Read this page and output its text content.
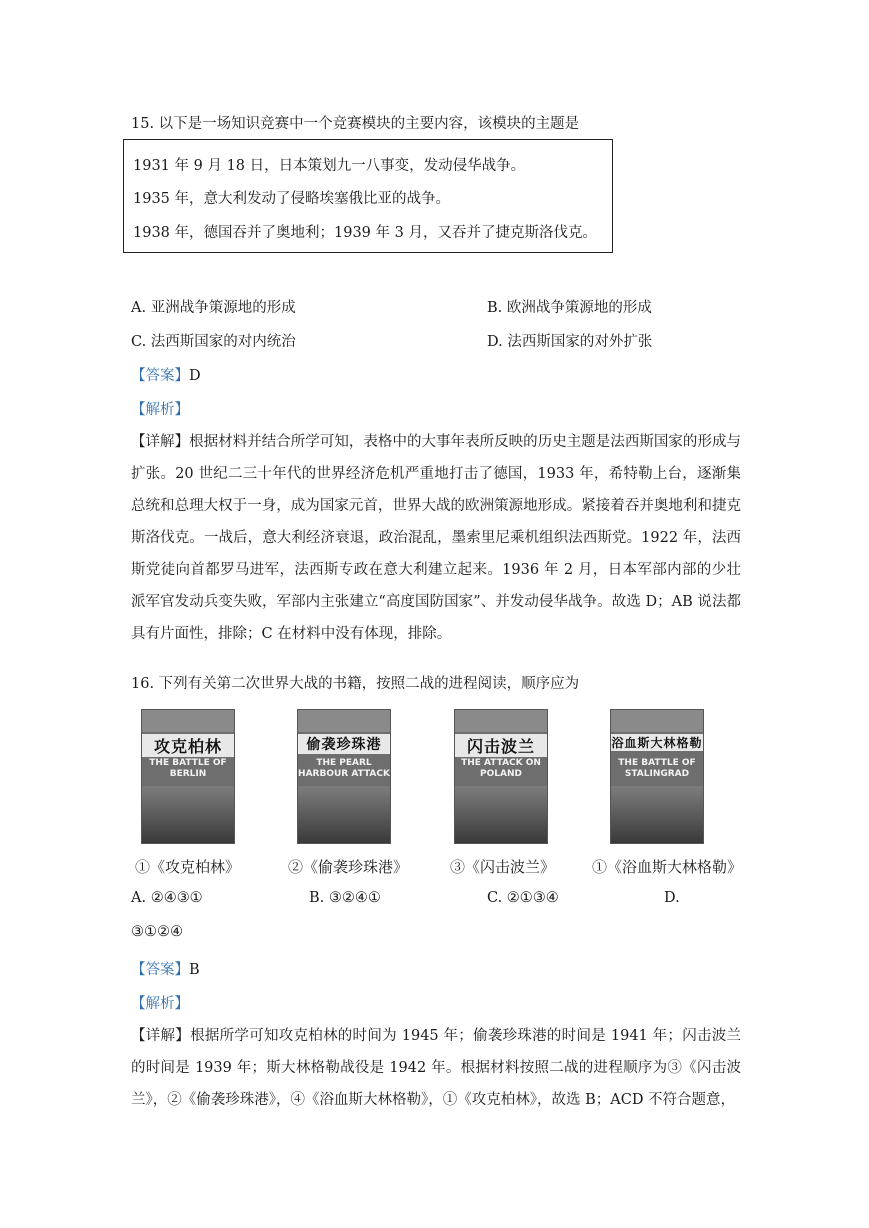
15. 以下是一场知识竞赛中一个竞赛模块的主要内容，该模块的主题是
1931 年 9 月 18 日，日本策划九一八事变，发动侵华战争。
1935 年，意大利发动了侵略埃塞俄比亚的战争。
1938 年，德国吞并了奥地利；1939 年 3 月，又吞并了捷克斯洛伐克。
A. 亚洲战争策源地的形成	B. 欧洲战争策源地的形成
C. 法西斯国家的对内统治	D. 法西斯国家的对外扩张
【答案】D
【解析】
【详解】根据材料并结合所学可知，表格中的大事年表所反映的历史主题是法西斯国家的形成与扩张。20 世纪二三十年代的世界经济危机严重地打击了德国，1933 年，希特勒上台，逐渐集总统和总理大权于一身，成为国家元首，世界大战的欧洲策源地形成。紧接着吞并奥地利和捷克斯洛伐克。一战后，意大利经济衰退，政治混乱，墨索里尼乘机组织法西斯党。1922 年，法西斯党徒向首都罗马进军，法西斯专政在意大利建立起来。1936 年 2 月，日本军部内部的少壮派军官发动兵变失败，军部内主张建立“高度国防国家”、并发动侵华战争。故选 D；AB 说法都具有片面性，排除；C 在材料中没有体现，排除。
16. 下列有关第二次世界大战的书籍，按照二战的进程阅读，顺序应为
攻克柏林
THE BATTLE OF BERLIN
偷袭珍珠港
THE PEARL HARBOUR ATTACK
闪击波兰
THE ATTACK ON POLAND
浴血斯大林格勒
THE BATTLE OF STALINGRAD
①《攻克柏林》	②《偷袭珍珠港》	③《闪击波兰》 ①《浴血斯大林格勒》
A. ②④③①	B. ③②④①	C. ②①③④	D.
③①②④
【答案】B
【解析】
【详解】根据所学可知攻克柏林的时间为 1945 年；偷袭珍珠港的时间是 1941 年；闪击波兰的时间是 1939 年；斯大林格勒战役是 1942 年。根据材料按照二战的进程顺序为③《闪击波兰》，②《偷袭珍珠港》，④《浴血斯大林格勒》，①《攻克柏林》，故选 B；ACD 不符合题意，
